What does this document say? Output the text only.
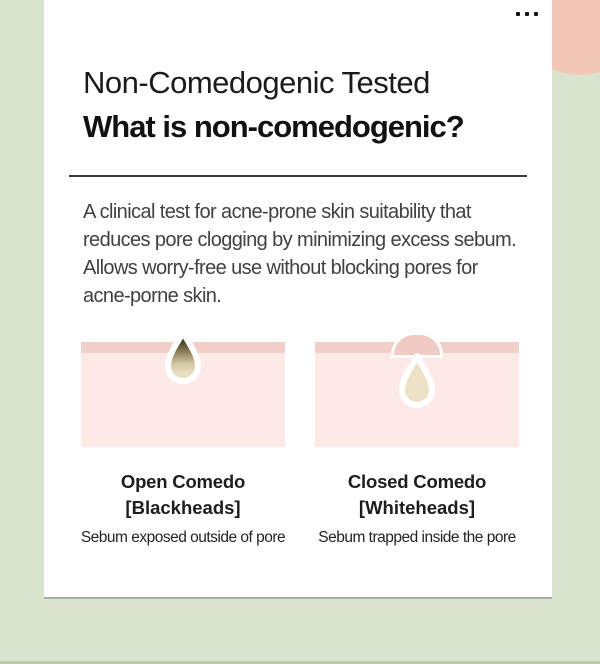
Non-Comedogenic Tested
What is non-comedogenic?
A clinical test for acne-prone skin suitability that
reduces pore clogging by minimizing excess sebum.
Allows worry-free use without blocking pores for
acne-porne skin.
Open Comedo
[Blackheads]
Sebum exposed outside of pore
Closed Comedo
[Whiteheads]
Sebum trapped inside the pore
